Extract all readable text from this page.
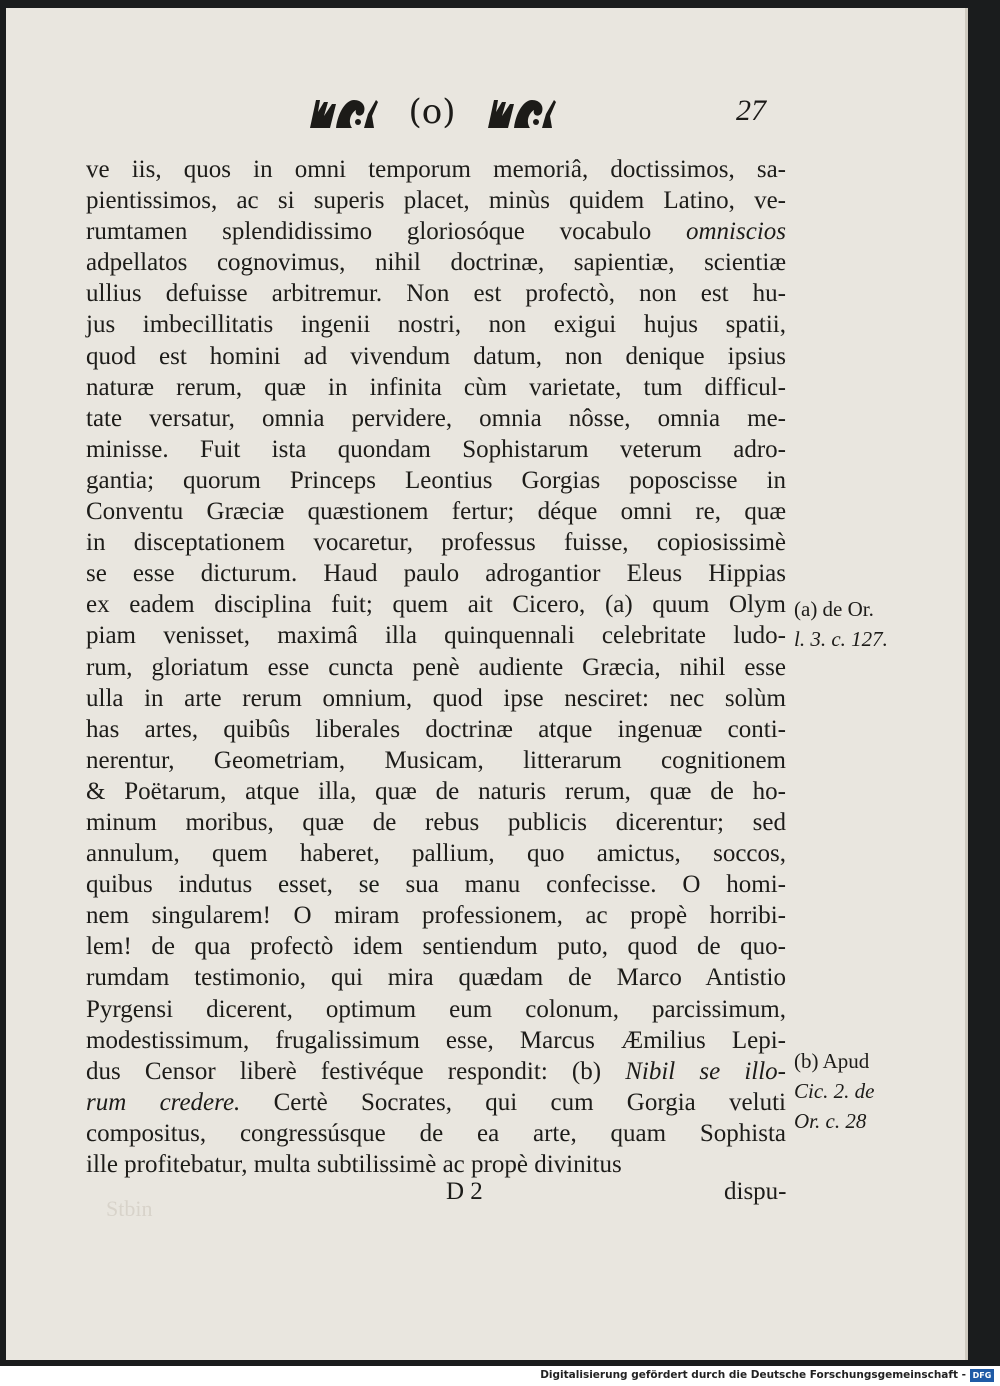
(o)	27
ve iis, quos in omni temporum memoriâ, doctissimos, sa-
pientissimos, ac si superis placet, minùs quidem Latino, ve-
rumtamen splendidissimo gloriosóque vocabulo omniscios
adpellatos cognovimus, nihil doctrinæ, sapientiæ, scientiæ
ullius defuisse arbitremur. Non est profectò, non est hu-
jus imbecillitatis ingenii nostri, non exigui hujus spatii,
quod est homini ad vivendum datum, non denique ipsius
naturæ rerum, quæ in infinita cùm varietate, tum difficul-
tate versatur, omnia pervidere, omnia nôsse, omnia me-
minisse. Fuit ista quondam Sophistarum veterum adro-
gantia; quorum Princeps Leontius Gorgias poposcisse in
Conventu Græciæ quæstionem fertur; déque omni re, quæ
in disceptationem vocaretur, professus fuisse, copiosissimè
se esse dicturum. Haud paulo adrogantior Eleus Hippias
ex eadem disciplina fuit; quem ait Cicero, (a) quum Olym
piam venisset, maximâ illa quinquennali celebritate ludo-
rum, gloriatum esse cuncta penè audiente Græcia, nihil esse
ulla in arte rerum omnium, quod ipse nesciret: nec solùm
has artes, quibûs liberales doctrinæ atque ingenuæ conti-
nerentur, Geometriam, Musicam, litterarum cognitionem
& Poëtarum, atque illa, quæ de naturis rerum, quæ de ho-
minum moribus, quæ de rebus publicis dicerentur; sed
annulum, quem haberet, pallium, quo amictus, soccos,
quibus indutus esset, se sua manu confecisse. O homi-
nem singularem! O miram professionem, ac propè horribi-
lem! de qua profectò idem sentiendum puto, quod de quo-
rumdam testimonio, qui mira quædam de Marco Antistio
Pyrgensi dicerent, optimum eum colonum, parcissimum,
modestissimum, frugalissimum esse, Marcus Æmilius Lepi-
dus Censor liberè festivéque respondit: (b) Nibil se illo-
rum credere. Certè Socrates, qui cum Gorgia veluti
compositus, congressúsque de ea arte, quam Sophista
ille profitebatur, multa subtilissimè ac propè divinitus
(a) de Or.
l. 3. c. 127.
(b) Apud
Cic. 2. de
Or. c. 28
Stbin
D 2	dispu-
Digitalisierung gefördert durch die Deutsche Forschungsgemeinschaft - DFG
